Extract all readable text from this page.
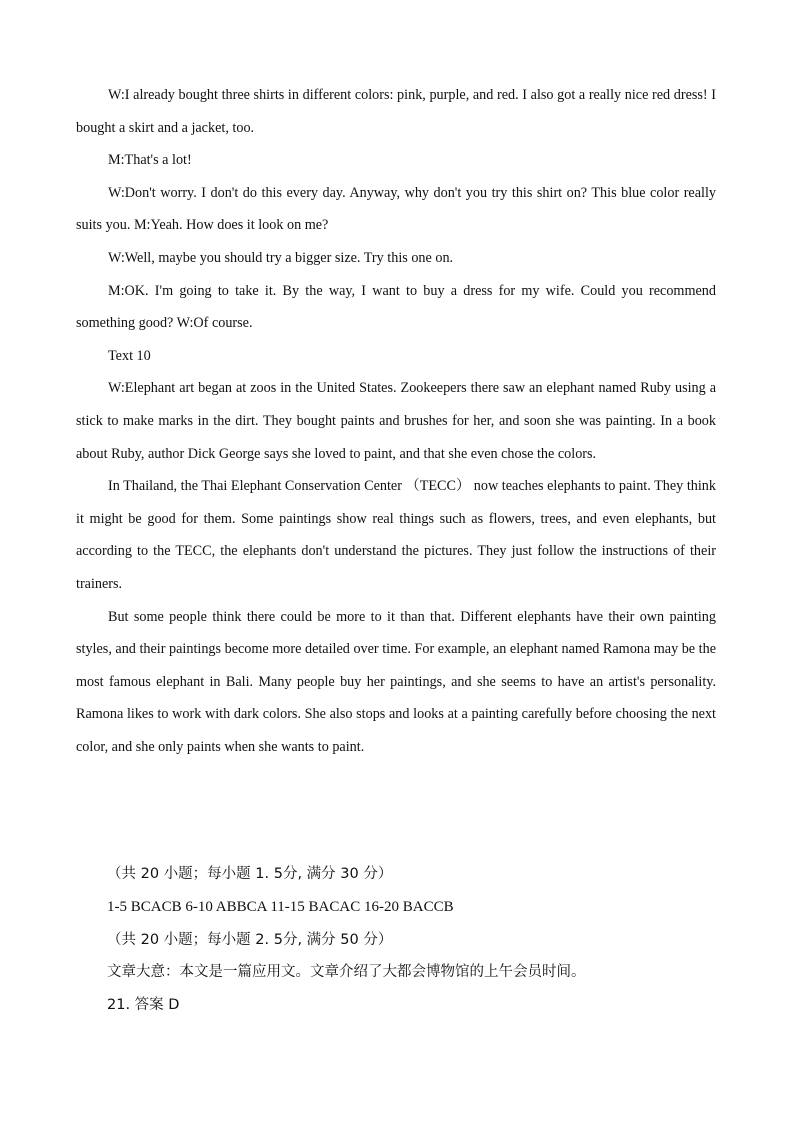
W:I already bought three shirts in different colors: pink, purple, and red. I also got a really nice red dress! I bought a skirt and a jacket, too.

M:That's a lot!

W:Don't worry. I don't do this every day. Anyway, why don't you try this shirt on? This blue color really suits you. M:Yeah. How does it look on me?

W:Well, maybe you should try a bigger size. Try this one on.

M:OK. I'm going to take it. By the way, I want to buy a dress for my wife. Could you recommend something good? W:Of course.

Text 10

W:Elephant art began at zoos in the United States. Zookeepers there saw an elephant named Ruby using a stick to make marks in the dirt. They bought paints and brushes for her, and soon she was painting. In a book about Ruby, author Dick George says she loved to paint, and that she even chose the colors.

In Thailand, the Thai Elephant Conservation Center （TECC） now teaches elephants to paint. They think it might be good for them. Some paintings show real things such as flowers, trees, and even elephants, but according to the TECC, the elephants don't understand the pictures. They just follow the instructions of their trainers.

But some people think there could be more to it than that. Different elephants have their own painting styles, and their paintings become more detailed over time. For example, an elephant named Ramona may be the most famous elephant in Bali. Many people buy her paintings, and she seems to have an artist's personality. Ramona likes to work with dark colors. She also stops and looks at a painting carefully before choosing the next color, and she only paints when she wants to paint.

（共 20 小题；每小题 1. 5分, 满分 30 分）

1-5 BCACB 6-10 ABBCA 11-15 BACAC 16-20 BACCB

（共 20 小题；每小题 2. 5分, 满分 50 分）

文章大意：本文是一篇应用文。文章介绍了大都会博物馆的上午会员时间。

21. 答案 D
